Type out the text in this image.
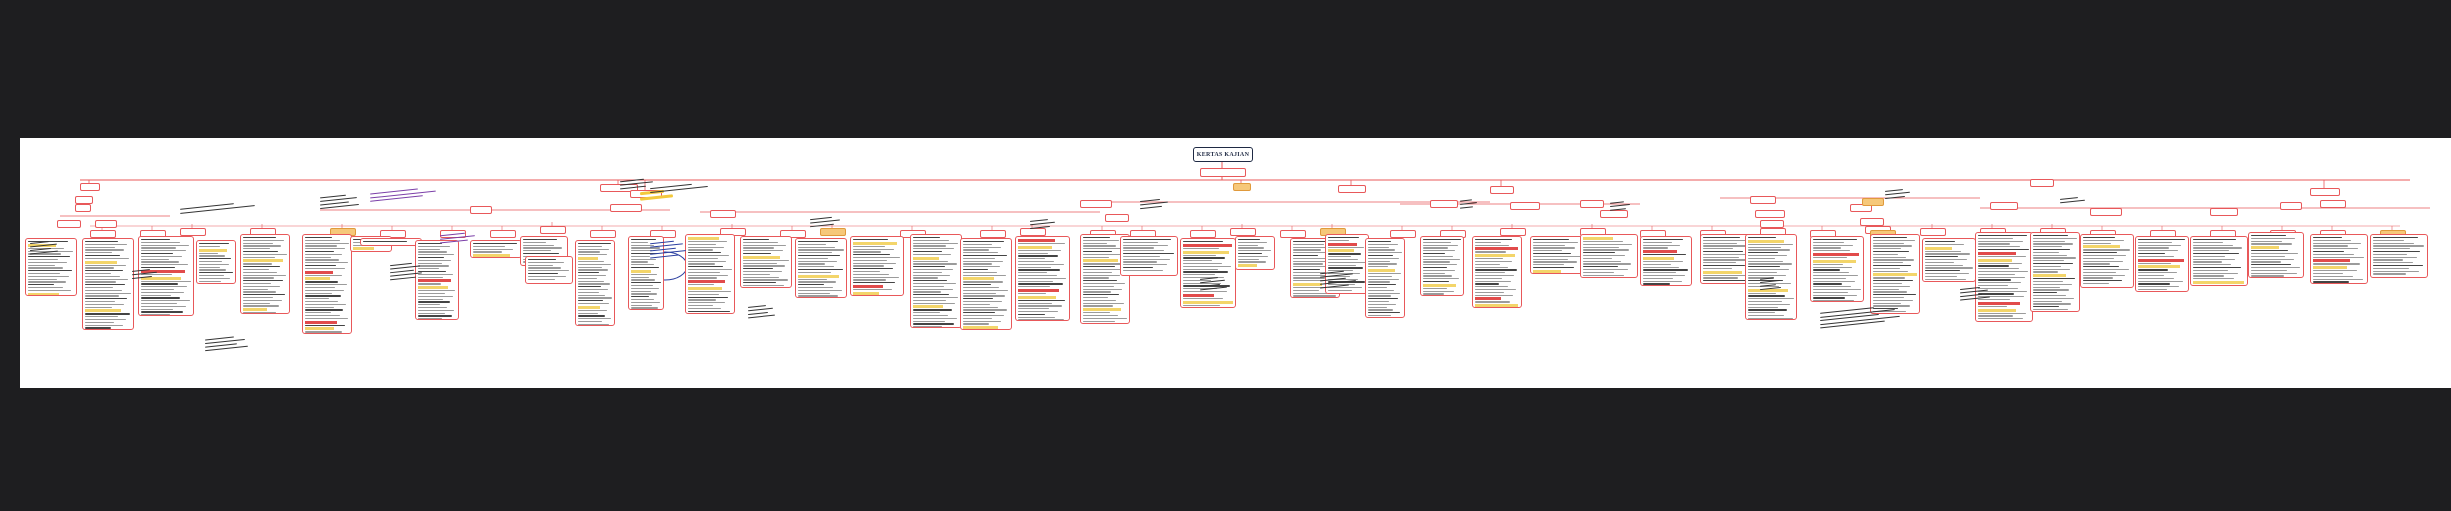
KERTAS KAJIAN
